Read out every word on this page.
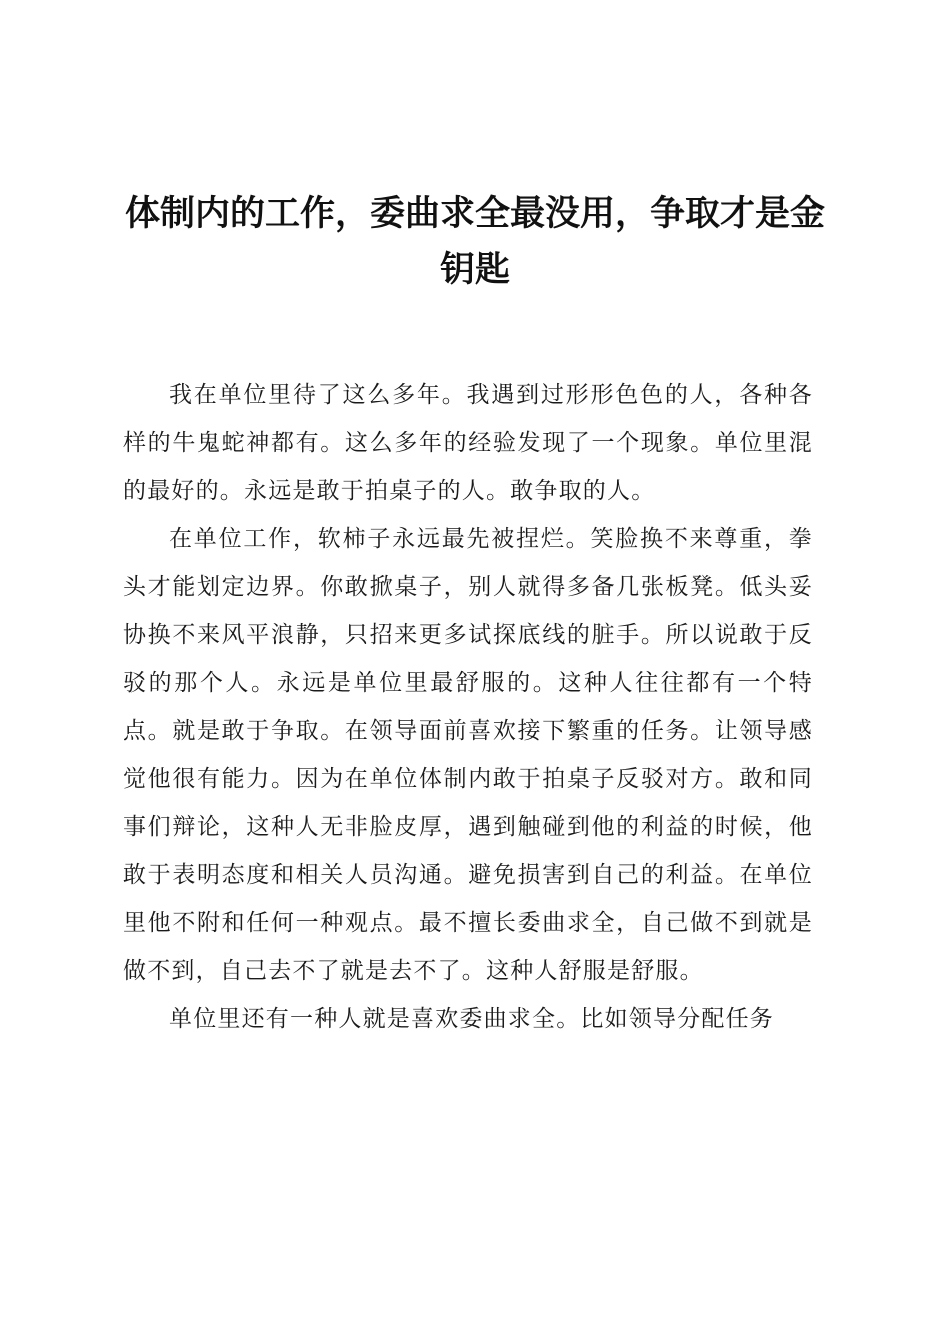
体制内的工作，委曲求全最没用，争取才是金钥匙

我在单位里待了这么多年。我遇到过形形色色的人，各种各样的牛鬼蛇神都有。这么多年的经验发现了一个现象。单位里混的最好的。永远是敢于拍桌子的人。敢争取的人。

在单位工作，软柿子永远最先被捏烂。笑脸换不来尊重，拳头才能划定边界。你敢掀桌子，别人就得多备几张板凳。低头妥协换不来风平浪静，只招来更多试探底线的脏手。所以说敢于反驳的那个人。永远是单位里最舒服的。这种人往往都有一个特点。就是敢于争取。在领导面前喜欢接下繁重的任务。让领导感觉他很有能力。因为在单位体制内敢于拍桌子反驳对方。敢和同事们辩论，这种人无非脸皮厚，遇到触碰到他的利益的时候，他敢于表明态度和相关人员沟通。避免损害到自己的利益。在单位里他不附和任何一种观点。最不擅长委曲求全，自己做不到就是做不到，自己去不了就是去不了。这种人舒服是舒服。

单位里还有一种人就是喜欢委曲求全。比如领导分配任务
